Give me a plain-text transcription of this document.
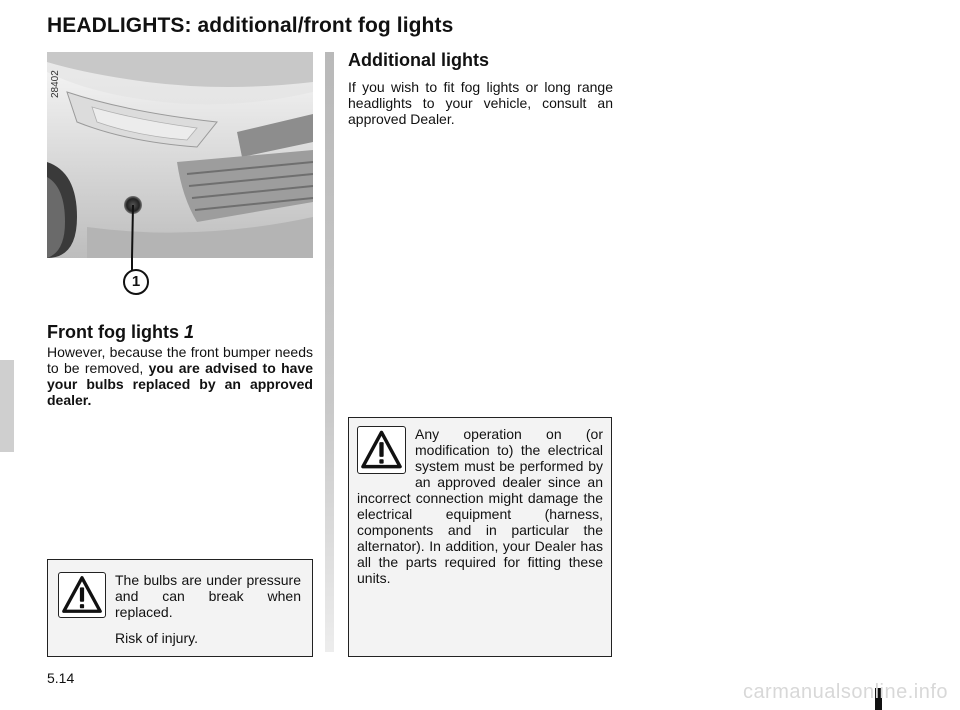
HEADLIGHTS: additional/front fog lights
28402
1
Front fog lights 1

However, because the front bumper needs to be removed, you are advised to have your bulbs replaced by an approved dealer.

The bulbs are under pressure and can break when replaced.

Risk of injury.

Additional lights

If you wish to fit fog lights or long range headlights to your vehicle, consult an approved Dealer.

Any operation on (or modification to) the electrical system must be performed by an approved dealer since an incorrect connection might damage the electrical equipment (harness, components and in particular the alternator). In addition, your Dealer has all the parts required for fitting these units.

5.14
carmanualsonline.info
